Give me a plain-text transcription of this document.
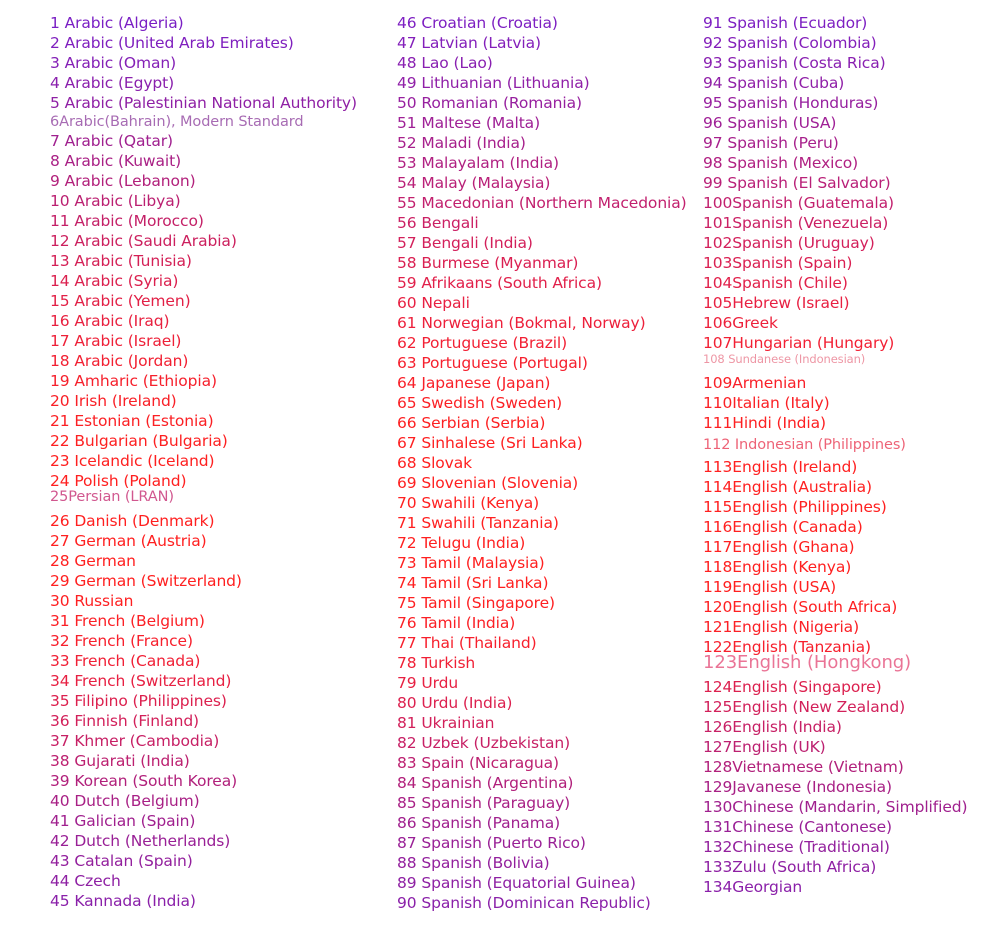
1 Arabic (Algeria)
2 Arabic (United Arab Emirates)
3 Arabic (Oman)
4 Arabic (Egypt)
5 Arabic (Palestinian National Authority)
6Arabic(Bahrain), Modern Standard
7 Arabic (Qatar)
8 Arabic (Kuwait)
9 Arabic (Lebanon)
10 Arabic (Libya)
11 Arabic (Morocco)
12 Arabic (Saudi Arabia)
13 Arabic (Tunisia)
14 Arabic (Syria)
15 Arabic (Yemen)
16 Arabic (Iraq)
17 Arabic (Israel)
18 Arabic (Jordan)
19 Amharic (Ethiopia)
20 Irish (Ireland)
21 Estonian (Estonia)
22 Bulgarian (Bulgaria)
23 Icelandic (Iceland)
24 Polish (Poland)
25Persian (LRAN)
26 Danish (Denmark)
27 German (Austria)
28 German
29 German (Switzerland)
30 Russian
31 French (Belgium)
32 French (France)
33 French (Canada)
34 French (Switzerland)
35 Filipino (Philippines)
36 Finnish (Finland)
37 Khmer (Cambodia)
38 Gujarati (India)
39 Korean (South Korea)
40 Dutch (Belgium)
41 Galician (Spain)
42 Dutch (Netherlands)
43 Catalan (Spain)
44 Czech
45 Kannada (India)
46 Croatian (Croatia)
47 Latvian (Latvia)
48 Lao (Lao)
49 Lithuanian (Lithuania)
50 Romanian (Romania)
51 Maltese (Malta)
52 Maladi (India)
53 Malayalam (India)
54 Malay (Malaysia)
55 Macedonian (Northern Macedonia)
56 Bengali
57 Bengali (India)
58 Burmese (Myanmar)
59 Afrikaans (South Africa)
60 Nepali
61 Norwegian (Bokmal, Norway)
62 Portuguese (Brazil)
63 Portuguese (Portugal)
64 Japanese (Japan)
65 Swedish (Sweden)
66 Serbian (Serbia)
67 Sinhalese (Sri Lanka)
68 Slovak
69 Slovenian (Slovenia)
70 Swahili (Kenya)
71 Swahili (Tanzania)
72 Telugu (India)
73 Tamil (Malaysia)
74 Tamil (Sri Lanka)
75 Tamil (Singapore)
76 Tamil (India)
77 Thai (Thailand)
78 Turkish
79 Urdu
80 Urdu (India)
81 Ukrainian
82 Uzbek (Uzbekistan)
83 Spain (Nicaragua)
84 Spanish (Argentina)
85 Spanish (Paraguay)
86 Spanish (Panama)
87 Spanish (Puerto Rico)
88 Spanish (Bolivia)
89 Spanish (Equatorial Guinea)
90 Spanish (Dominican Republic)
91 Spanish (Ecuador)
92 Spanish (Colombia)
93 Spanish (Costa Rica)
94 Spanish (Cuba)
95 Spanish (Honduras)
96 Spanish (USA)
97 Spanish (Peru)
98 Spanish (Mexico)
99 Spanish (El Salvador)
100Spanish (Guatemala)
101Spanish (Venezuela)
102Spanish (Uruguay)
103Spanish (Spain)
104Spanish (Chile)
105Hebrew (Israel)
106Greek
107Hungarian (Hungary)
108 Sundanese (Indonesian)
109Armenian
110Italian (Italy)
111Hindi (India)
112 Indonesian (Philippines)
113English (Ireland)
114English (Australia)
115English (Philippines)
116English (Canada)
117English (Ghana)
118English (Kenya)
119English (USA)
120English (South Africa)
121English (Nigeria)
122English (Tanzania)
123English (Hongkong)
124English (Singapore)
125English (New Zealand)
126English (India)
127English (UK)
128Vietnamese (Vietnam)
129Javanese (Indonesia)
130Chinese (Mandarin, Simplified)
131Chinese (Cantonese)
132Chinese (Traditional)
133Zulu (South Africa)
134Georgian
